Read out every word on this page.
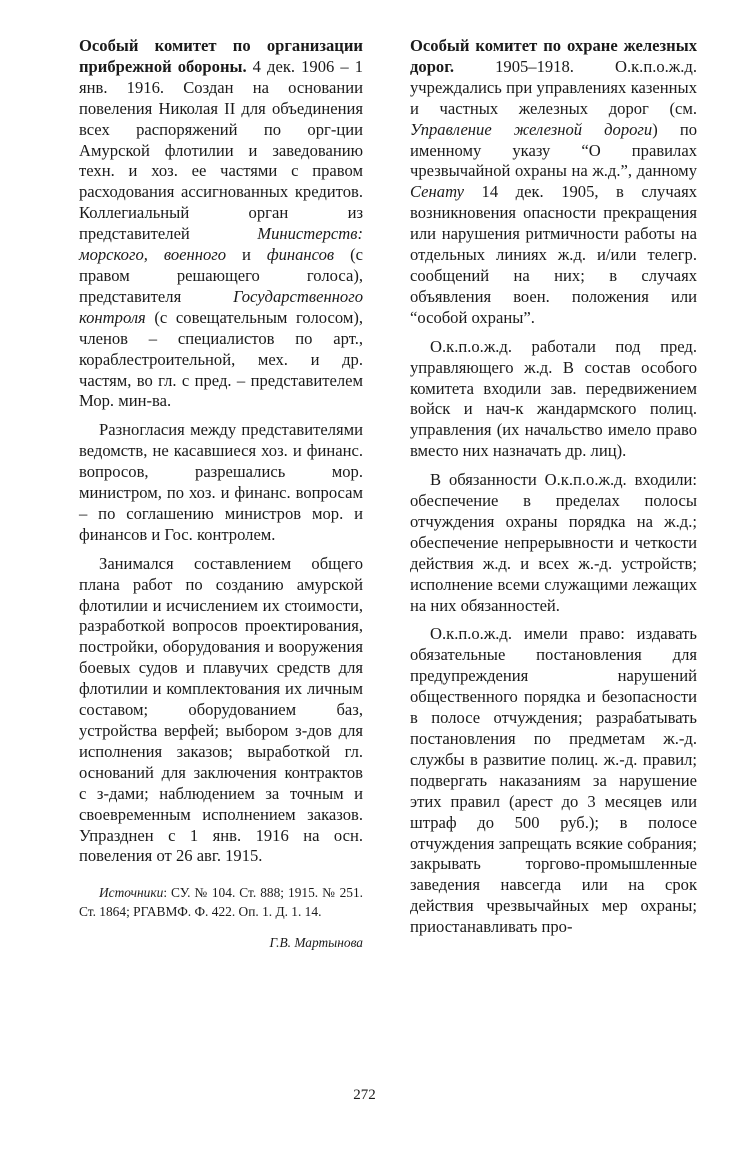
Особый комитет по организации прибрежной обороны. 4 дек. 1906 – 1 янв. 1916. Создан на основании повеления Николая II для объединения всех распоряжений по орг-ции Амурской флотилии и заведованию техн. и хоз. ее частями с правом расходования ассигнованных кредитов. Коллегиальный орган из представителей Министерств: морского, военного и финансов (с правом решающего голоса), представителя Государственного контроля (с совещательным голосом), членов – специалистов по арт., кораблестроительной, мех. и др. частям, во гл. с пред. – представителем Мор. мин-ва.

Разногласия между представителями ведомств, не касавшиеся хоз. и финанс. вопросов, разрешались мор. министром, по хоз. и финанс. вопросам – по соглашению министров мор. и финансов и Гос. контролем.

Занимался составлением общего плана работ по созданию амурской флотилии и исчислением их стоимости, разработкой вопросов проектирования, постройки, оборудования и вооружения боевых судов и плавучих средств для флотилии и комплектования их личным составом; оборудованием баз, устройства верфей; выбором з-дов для исполнения заказов; выработкой гл. оснований для заключения контрактов с з-дами; наблюдением за точным и своевременным исполнением заказов. Упразднен с 1 янв. 1916 на осн. повеления от 26 авг. 1915.

Источники: СУ. № 104. Ст. 888; 1915. № 251. Ст. 1864; РГАВМФ. Ф. 422. Оп. 1. Д. 1. 14.

Г.В. Мартынова

Особый комитет по охране железных дорог. 1905–1918. О.к.п.о.ж.д. учреждались при управлениях казенных и частных железных дорог (см. Управление железной дороги) по именному указу “О правилах чрезвычайной охраны на ж.д.”, данному Сенату 14 дек. 1905, в случаях возникновения опасности прекращения или нарушения ритмичности работы на отдельных линиях ж.д. и/или телегр. сообщений на них; в случаях объявления воен. положения или “особой охраны”.

О.к.п.о.ж.д. работали под пред. управляющего ж.д. В состав особого комитета входили зав. передвижением войск и нач-к жандармского полиц. управления (их начальство имело право вместо них назначать др. лиц).

В обязанности О.к.п.о.ж.д. входили: обеспечение в пределах полосы отчуждения охраны порядка на ж.д.; обеспечение непрерывности и четкости действия ж.д. и всех ж.-д. устройств; исполнение всеми служащими лежащих на них обязанностей.

О.к.п.о.ж.д. имели право: издавать обязательные постановления для предупреждения нарушений общественного порядка и безопасности в полосе отчуждения; разрабатывать постановления по предметам ж.-д. службы в развитие полиц. ж.-д. правил; подвергать наказаниям за нарушение этих правил (арест до 3 месяцев или штраф до 500 руб.); в полосе отчуждения запрещать всякие собрания; закрывать торгово-промышленные заведения навсегда или на срок действия чрезвычайных мер охраны; приостанавливать про-

272
